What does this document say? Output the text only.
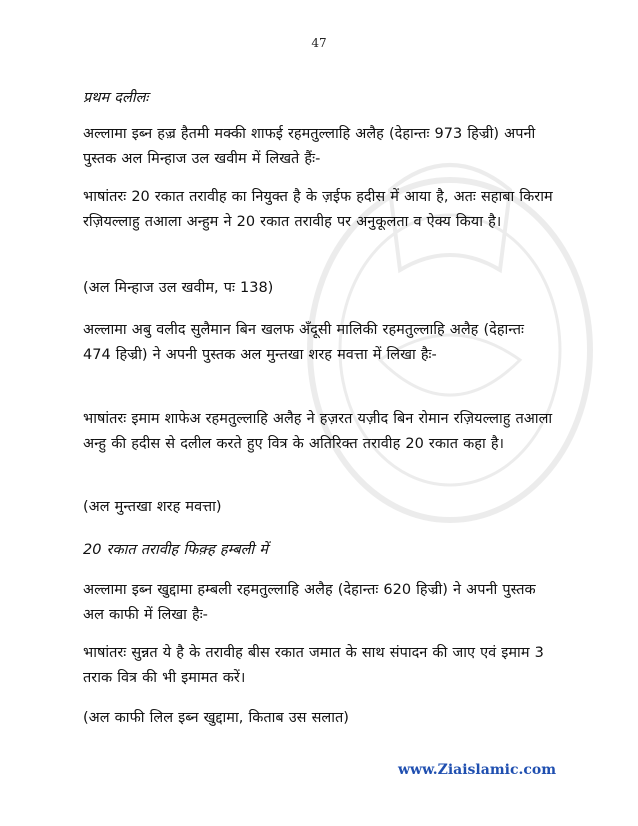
47

प्रथम दलीलः

अल्लामा इब्न हज़्र हैतमी मक्की शाफई रहमतुल्लाहि अलैह (देहान्तः 973 हिज्री) अपनी पुस्तक अल मिन्हाज उल खवीम में लिखते हैंः-

भाषांतरः 20 रकात तरावीह का नियुक्त है के ज़ईफ हदीस में आया है, अतः सहाबा किराम रज़ियल्लाहु तआला अन्हुम ने 20 रकात तरावीह पर अनुकूलता व ऐक्य किया है।

(अल मिन्हाज उल खवीम, पः 138)

अल्लामा अबु वलीद सुलैमान बिन खलफ अँदूसी मालिकी रहमतुल्लाहि अलैह (देहान्तः 474 हिज्री) ने अपनी पुस्तक अल मुन्तखा शरह मवत्ता में लिखा हैः-

भाषांतरः इमाम शाफेअ रहमतुल्लाहि अलैह ने हज़रत यज़ीद बिन रोमान रज़ियल्लाहु तआला अन्हु की हदीस से दलील करते हुए वित्र के अतिरिक्त तरावीह 20 रकात कहा है।

(अल मुन्तखा शरह मवत्ता)

20 रकात तरावीह फिक़्ह हम्बली में

अल्लामा इब्न खुद्दामा हम्बली रहमतुल्लाहि अलैह (देहान्तः 620 हिज्री) ने अपनी पुस्तक अल काफी में लिखा हैः-

भाषांतरः सुन्नत ये है के तरावीह बीस रकात जमात के साथ संपादन की जाए एवं इमाम 3 तराक वित्र की भी इमामत करें।

(अल काफी लिल इब्न खुद्दामा, किताब उस सलात)

www.Ziaislamic.com
